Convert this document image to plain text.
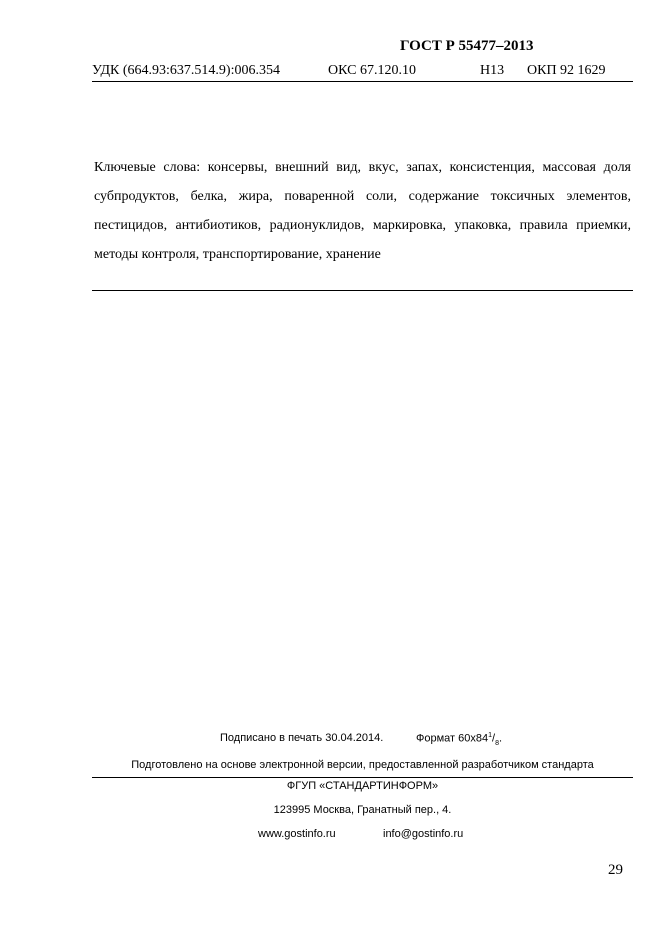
ГОСТ Р 55477–2013
УДК (664.93:637.514.9):006.354	ОКС 67.120.10	Н13 ОКП 92 1629
Ключевые слова: консервы, внешний вид, вкус, запах, консистенция, массовая доля субпродуктов, белка, жира, поваренной соли, содержание токсичных элементов, пестицидов, антибиотиков, радионуклидов, маркировка, упаковка, правила приемки, методы контроля, транспортирование, хранение
Подписано в печать 30.04.2014.	Формат $60х84^1/_8$.
Подготовлено на основе электронной версии, предоставленной разработчиком стандарта
ФГУП «СТАНДАРТИНФОРМ»
123995 Москва, Гранатный пер., 4.
www.gostinfo.ru	info@gostinfo.ru
29
